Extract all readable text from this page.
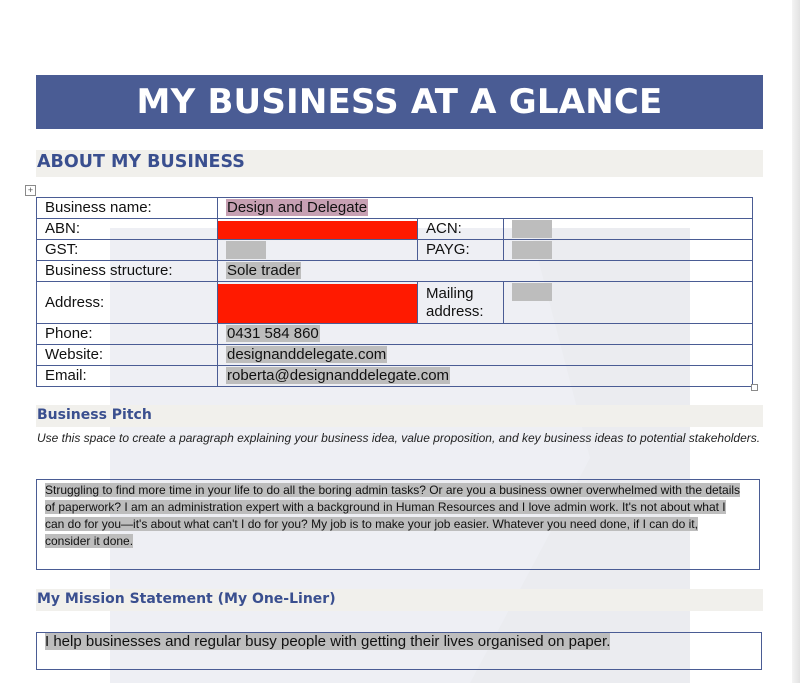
MY BUSINESS AT A GLANCE
ABOUT MY BUSINESS
+
Business name:	Design and Delegate		
ABN:		ACN:	
GST:		PAYG:	
Business structure:	Sole trader		
Address:		Mailing address:	
Phone:	0431 584 860		
Website:	designanddelegate.com		
Email:	roberta@designanddelegate.com		
Business Pitch
Use this space to create a paragraph explaining your business idea, value proposition, and key business ideas to potential stakeholders.
Struggling to find more time in your life to do all the boring admin tasks? Or are you a business owner overwhelmed with the details of paperwork? I am an administration expert with a background in Human Resources and I love admin work. It's not about what I can do for you—it's about what can't I do for you? My job is to make your job easier. Whatever you need done, if I can do it, consider it done.
My Mission Statement (My One-Liner)
I help businesses and regular busy people with getting their lives organised on paper.
